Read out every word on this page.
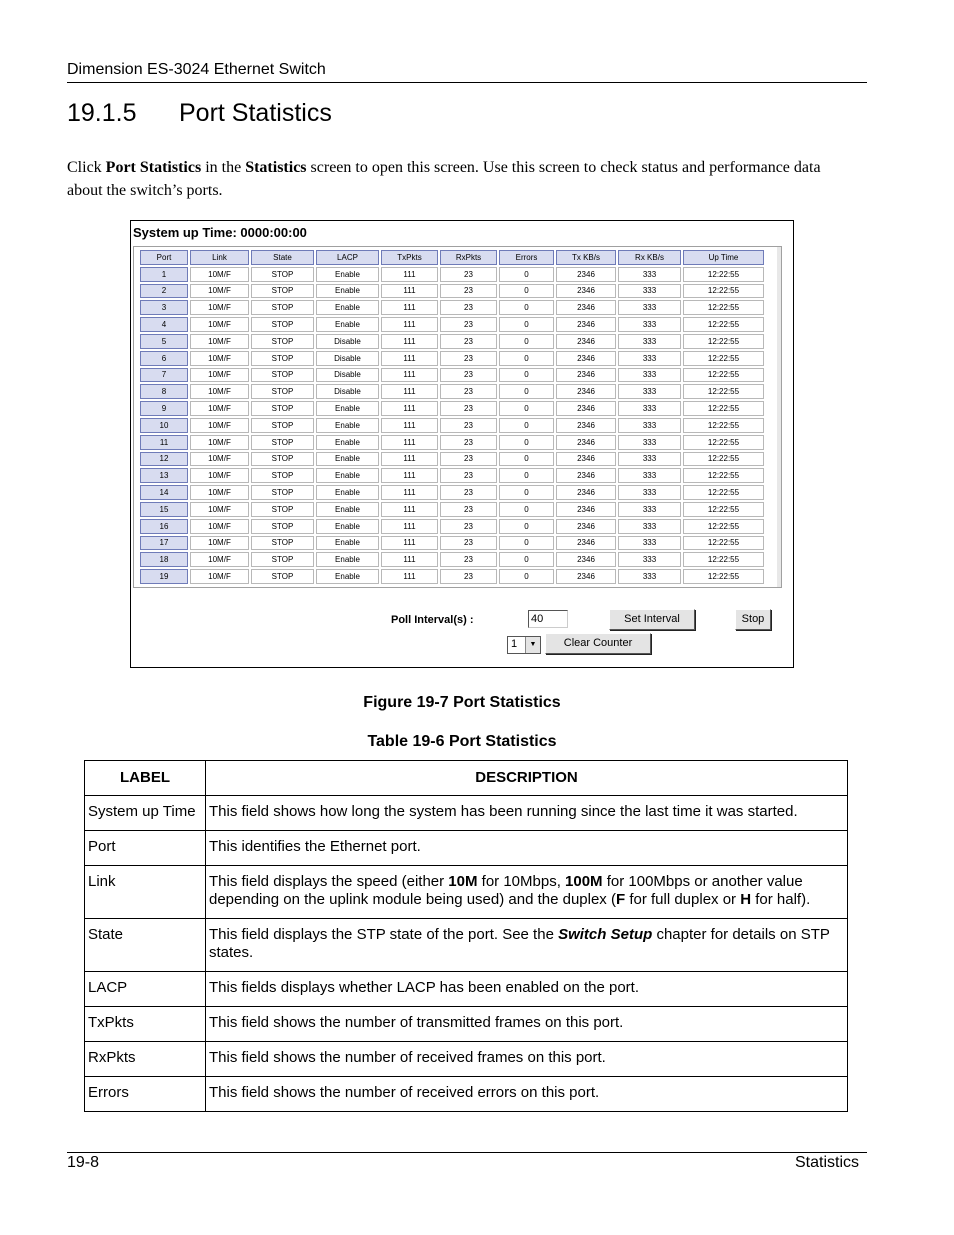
Dimension ES-3024 Ethernet Switch
19.1.5 Port Statistics

Click Port Statistics in the Statistics screen to open this screen. Use this screen to check status and performance data about the switch’s ports.

System up Time: 0000:00:00
Port	Link	State	LACP	TxPkts	RxPkts	Errors	Tx KB/s	Rx KB/s	Up Time
1	10M/F	STOP	Enable	111	23	0	2346	333	12:22:55
2	10M/F	STOP	Enable	111	23	0	2346	333	12:22:55
3	10M/F	STOP	Enable	111	23	0	2346	333	12:22:55
4	10M/F	STOP	Enable	111	23	0	2346	333	12:22:55
5	10M/F	STOP	Disable	111	23	0	2346	333	12:22:55
6	10M/F	STOP	Disable	111	23	0	2346	333	12:22:55
7	10M/F	STOP	Disable	111	23	0	2346	333	12:22:55
8	10M/F	STOP	Disable	111	23	0	2346	333	12:22:55
9	10M/F	STOP	Enable	111	23	0	2346	333	12:22:55
10	10M/F	STOP	Enable	111	23	0	2346	333	12:22:55
11	10M/F	STOP	Enable	111	23	0	2346	333	12:22:55
12	10M/F	STOP	Enable	111	23	0	2346	333	12:22:55
13	10M/F	STOP	Enable	111	23	0	2346	333	12:22:55
14	10M/F	STOP	Enable	111	23	0	2346	333	12:22:55
15	10M/F	STOP	Enable	111	23	0	2346	333	12:22:55
16	10M/F	STOP	Enable	111	23	0	2346	333	12:22:55
17	10M/F	STOP	Enable	111	23	0	2346	333	12:22:55
18	10M/F	STOP	Enable	111	23	0	2346	333	12:22:55
19	10M/F	STOP	Enable	111	23	0	2346	333	12:22:55
Poll Interval(s) :
40	Set Interval	Stop
1	▼	Clear Counter
Figure 19-7 Port Statistics
Table 19-6 Port Statistics
LABEL	DESCRIPTION
System up Time	This field shows how long the system has been running since the last time it was started.
Port	This identifies the Ethernet port.
Link	This field displays the speed (either 10M for 10Mbps, 100M for 100Mbps or another value depending on the uplink module being used) and the duplex (F for full duplex or H for half).
State	This field displays the STP state of the port. See the Switch Setup chapter for details on STP states.
LACP	This fields displays whether LACP has been enabled on the port.
TxPkts	This field shows the number of transmitted frames on this port.
RxPkts	This field shows the number of received frames on this port.
Errors	This field shows the number of received errors on this port.
19-8	Statistics
